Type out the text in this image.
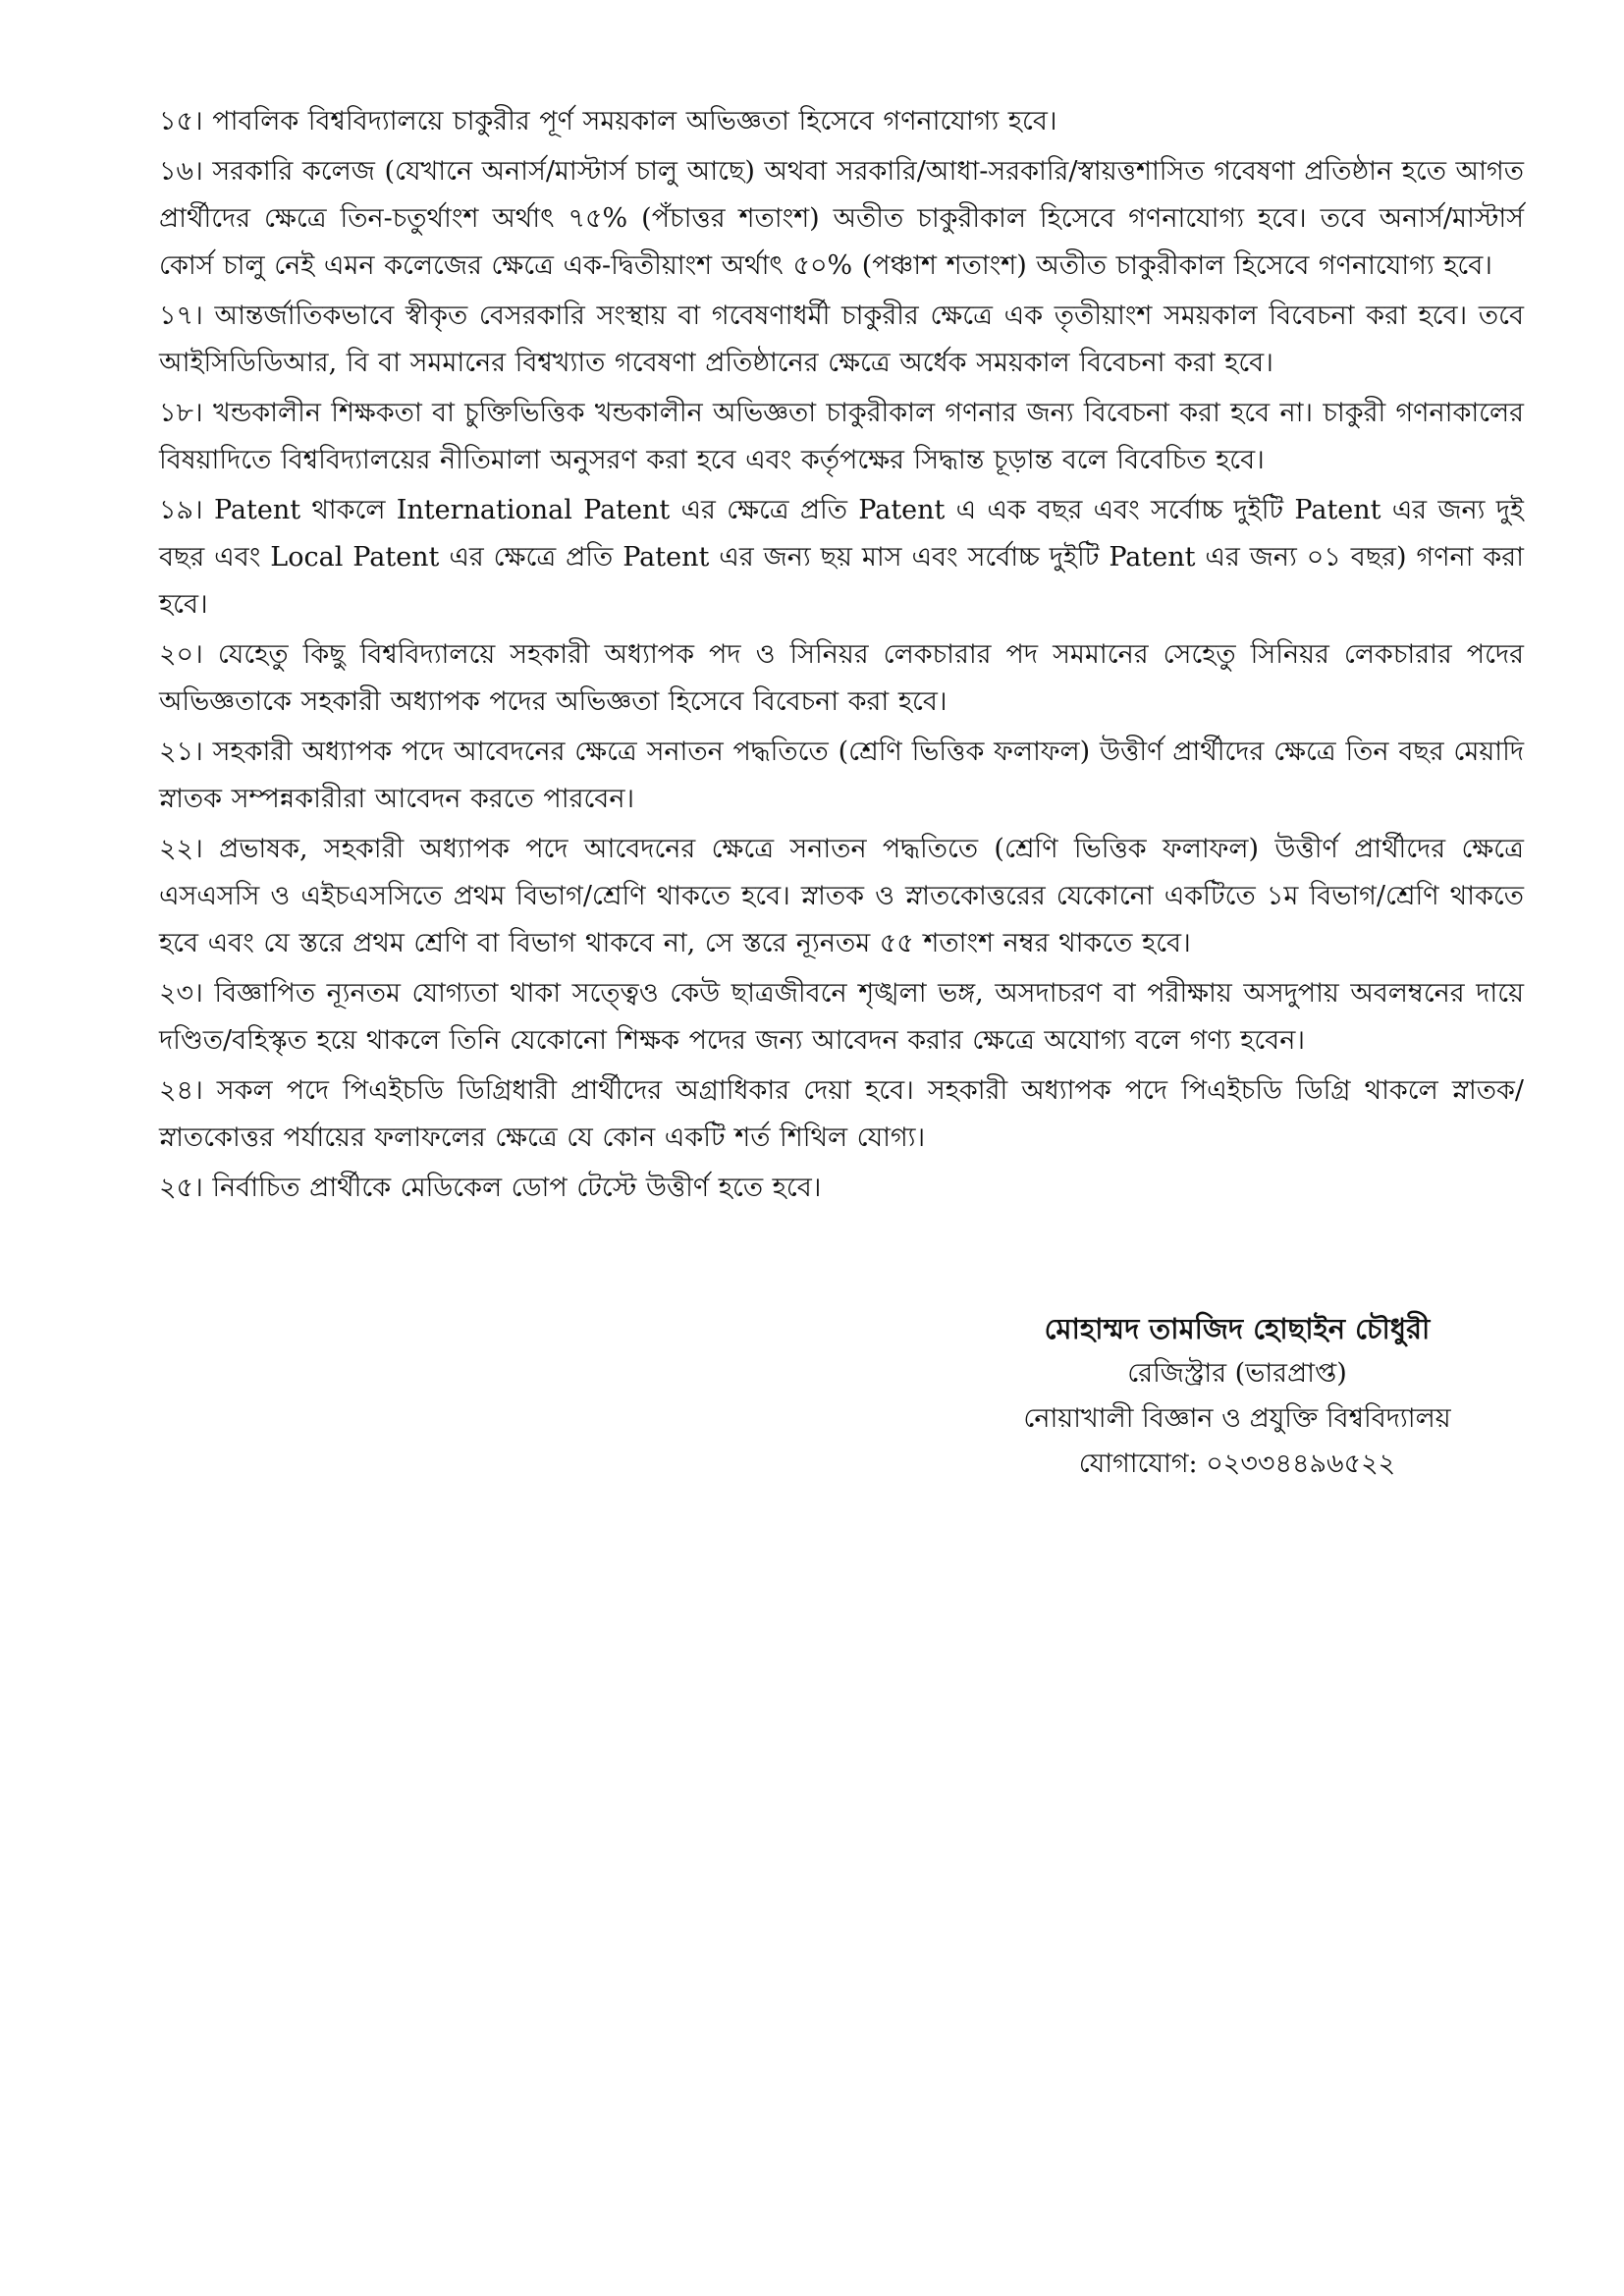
১৫। পাবলিক বিশ্ববিদ্যালয়ে চাকুরীর পূর্ণ সময়কাল অভিজ্ঞতা হিসেবে গণনাযোগ্য হবে।

১৬। সরকারি কলেজ (যেখানে অনার্স/মাস্টার্স চালু আছে) অথবা সরকারি/আধা-সরকারি/স্বায়ত্তশাসিত গবেষণা প্রতিষ্ঠান হতে আগত প্রার্থীদের ক্ষেত্রে তিন-চতুর্থাংশ অর্থাৎ ৭৫% (পঁচাত্তর শতাংশ) অতীত চাকুরীকাল হিসেবে গণনাযোগ্য হবে। তবে অনার্স/মাস্টার্স কোর্স চালু নেই এমন কলেজের ক্ষেত্রে এক-দ্বিতীয়াংশ অর্থাৎ ৫০% (পঞ্চাশ শতাংশ) অতীত চাকুরীকাল হিসেবে গণনাযোগ্য হবে।

১৭। আন্তর্জাতিকভাবে স্বীকৃত বেসরকারি সংস্থায় বা গবেষণাধর্মী চাকুরীর ক্ষেত্রে এক তৃতীয়াংশ সময়কাল বিবেচনা করা হবে। তবে আইসিডিডিআর, বি বা সমমানের বিশ্বখ্যাত গবেষণা প্রতিষ্ঠানের ক্ষেত্রে অর্ধেক সময়কাল বিবেচনা করা হবে।

১৮। খন্ডকালীন শিক্ষকতা বা চুক্তিভিত্তিক খন্ডকালীন অভিজ্ঞতা চাকুরীকাল গণনার জন্য বিবেচনা করা হবে না। চাকুরী গণনাকালের বিষয়াদিতে বিশ্ববিদ্যালয়ের নীতিমালা অনুসরণ করা হবে এবং কর্তৃপক্ষের সিদ্ধান্ত চূড়ান্ত বলে বিবেচিত হবে।

১৯। Patent থাকলে International Patent এর ক্ষেত্রে প্রতি Patent এ এক বছর এবং সর্বোচ্চ দুইটি Patent এর জন্য দুই বছর এবং Local Patent এর ক্ষেত্রে প্রতি Patent এর জন্য ছয় মাস এবং সর্বোচ্চ দুইটি Patent এর জন্য ০১ বছর) গণনা করা হবে।

২০। যেহেতু কিছু বিশ্ববিদ্যালয়ে সহকারী অধ্যাপক পদ ও সিনিয়র লেকচারার পদ সমমানের সেহেতু সিনিয়র লেকচারার পদের অভিজ্ঞতাকে সহকারী অধ্যাপক পদের অভিজ্ঞতা হিসেবে বিবেচনা করা হবে।

২১। সহকারী অধ্যাপক পদে আবেদনের ক্ষেত্রে সনাতন পদ্ধতিতে (শ্রেণি ভিত্তিক ফলাফল) উত্তীর্ণ প্রার্থীদের ক্ষেত্রে তিন বছর মেয়াদি স্নাতক সম্পন্নকারীরা আবেদন করতে পারবেন।

২২। প্রভাষক, সহকারী অধ্যাপক পদে আবেদনের ক্ষেত্রে সনাতন পদ্ধতিতে (শ্রেণি ভিত্তিক ফলাফল) উত্তীর্ণ প্রার্থীদের ক্ষেত্রে এসএসসি ও এইচএসসিতে প্রথম বিভাগ/শ্রেণি থাকতে হবে। স্নাতক ও স্নাতকোত্তরের যেকোনো একটিতে ১ম বিভাগ/শ্রেণি থাকতে হবে এবং যে স্তরে প্রথম শ্রেণি বা বিভাগ থাকবে না, সে স্তরে ন্যূনতম ৫৫ শতাংশ নম্বর থাকতে হবে।

২৩। বিজ্ঞাপিত ন্যূনতম যোগ্যতা থাকা সত্ত্বেও কেউ ছাত্রজীবনে শৃঙ্খলা ভঙ্গ, অসদাচরণ বা পরীক্ষায় অসদুপায় অবলম্বনের দায়ে দণ্ডিত/বহিস্কৃত হয়ে থাকলে তিনি যেকোনো শিক্ষক পদের জন্য আবেদন করার ক্ষেত্রে অযোগ্য বলে গণ্য হবেন।

২৪। সকল পদে পিএইচডি ডিগ্রিধারী প্রার্থীদের অগ্রাধিকার দেয়া হবে। সহকারী অধ্যাপক পদে পিএইচডি ডিগ্রি থাকলে স্নাতক/ স্নাতকোত্তর পর্যায়ের ফলাফলের ক্ষেত্রে যে কোন একটি শর্ত শিথিল যোগ্য।

২৫। নির্বাচিত প্রার্থীকে মেডিকেল ডোপ টেস্টে উত্তীর্ণ হতে হবে।

মোহাম্মদ তামজিদ হোছাইন চৌধুরী
রেজিস্ট্রার (ভারপ্রাপ্ত)
নোয়াখালী বিজ্ঞান ও প্রযুক্তি বিশ্ববিদ্যালয়
যোগাযোগ: ০২৩৩৪৪৯৬৫২২
